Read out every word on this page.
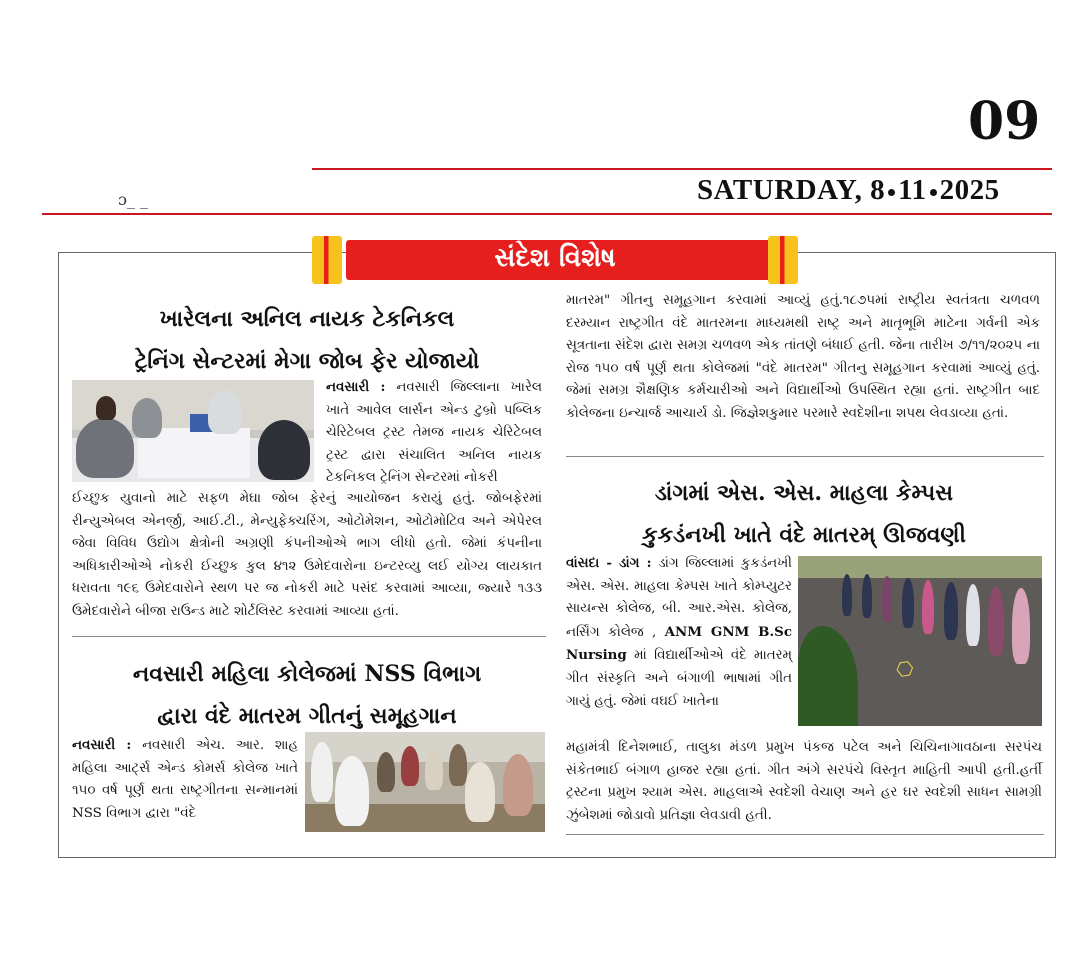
09
SATURDAY, 8 11 2025
ɔ_ _
સંદેશ વિશેષ
ખારેલના અનિલ નાયક ટેકનિકલ
ટ્રેનિંગ સેન્ટરમાં મેગા જોબ ફેર યોજાયો
નવસારી : નવસારી જિલ્લાના ખારેલ ખાતે આવેલ લાર્સન એન્ડ ટુબ્રો પબ્લિક ચેરિટેબલ ટ્રસ્ટ તેમજ નાયક ચેરિટેબલ ટ્રસ્ટ દ્વારા સંચાલિત અનિલ નાયક ટેકનિકલ ટ્રેનિંગ સેન્ટરમાં નોકરી
ઈચ્છુક યુવાનો માટે સફળ મેઘા જોબ ફેરનું આયોજન કરાયું હતું. જોબફેરમાં રીન્યુએબલ એનર્જી, આઈ.ટી., મેન્યુફેક્ચરિંગ, ઓટોમેશન, ઓટોમોટિવ અને એપેરલ જેવા વિવિધ ઉદ્યોગ ક્ષેત્રોની અગ્રણી કંપનીઓએ ભાગ લીધો હતો. જેમાં કંપનીના અધિકારીઓએ નોકરી ઈચ્છુક કુલ ૪૧૨ ઉમેદવારોના ઇન્ટરવ્યુ લઈ યોગ્ય લાયકાત ધરાવતા ૧૯૬ ઉમેદવારોને સ્થળ પર જ નોકરી માટે પસંદ કરવામાં આવ્યા, જ્યારે ૧૩૩ ઉમેદવારોને બીજા રાઉન્ડ માટે શોર્ટલિસ્ટ કરવામાં આવ્યા હતાં.
નવસારી મહિલા કોલેજમાં NSS વિભાગ
દ્વારા વંદે માતરમ ગીતનું સમૂહગાન
નવસારી : નવસારી એચ. આર. શાહ મહિલા આર્ટ્સ એન્ડ કોમર્સ કોલેજ ખાતે ૧૫૦ વર્ષ પૂર્ણ થતા રાષ્ટ્રગીતના સન્માનમાં NSS વિભાગ દ્વારા "વંદે
માતરમ" ગીતનુ સમૂહગાન કરવામાં આવ્યું હતું.૧૮૭૫માં રાષ્ટ્રીય સ્વતંત્રતા ચળવળ દરમ્યાન રાષ્ટ્રગીત વંદે માતરમના માધ્યમથી રાષ્ટ્ર અને માતૃભૂમિ માટેના ગર્વની એક સૂત્રતાના સંદેશ દ્વારા સમગ્ર ચળવળ એક તાંતણે બંધાઈ હતી. જેના તારીખ ૭/૧૧/૨૦૨૫ ના રોજ ૧૫૦ વર્ષ પૂર્ણ થતા કોલેજમાં "વંદે માતરમ" ગીતનુ સમૂહગાન કરવામાં આવ્યું હતું. જેમાં સમગ્ર શૈક્ષણિક કર્મચારીઓ અને વિદ્યાર્થીઓ ઉપસ્થિત રહ્યા હતાં. રાષ્ટ્રગીત બાદ કોલેજના ઇન્ચાર્જ આચાર્ય ડો. જિજ્ઞેશકુમાર પરમારે સ્વદેશીના શપથ લેવડાવ્યા હતાં.
ડાંગમાં એસ. એસ. માહલા કેમ્પસ
કુકડંનખી ખાતે વંદે માતરમ્ ઊજવણી
વાંસદા - ડાંગ : ડાંગ જિલ્લામાં કુકડંનખી એસ. એસ. માહલા કેમ્પસ ખાતે કોમ્પ્યુટર સાયન્સ કોલેજ, બી. આર.એસ. કોલેજ, નર્સિંગ કોલેજ , ANM GNM B.Sc Nursing માં વિદ્યાર્થીઓએ વંદે માતરમ્ ગીત સંસ્કૃતિ અને બંગાળી ભાષામાં ગીત ગાયું હતું. જેમાં વઘઈ ખાતેના
⬡
મહામંત્રી દિનેશભાઈ, તાલુકા મંડળ પ્રમુખ પંકજ પટેલ અને ચિચિનાગાવઠાના સરપંચ સંકેતભાઈ બંગાળ હાજર રહ્યા હતાં. ગીત અંગે સરપંચે વિસ્તૃત માહિતી આપી હતી.હર્તી ટ્રસ્ટના પ્રમુખ શ્યામ એસ. માહલાએ સ્વદેશી વેચાણ અને હર ઘર સ્વદેશી સાધન સામગ્રી ઝુંબેશમાં જોડાવો પ્રતિજ્ઞા લેવડાવી હતી.
